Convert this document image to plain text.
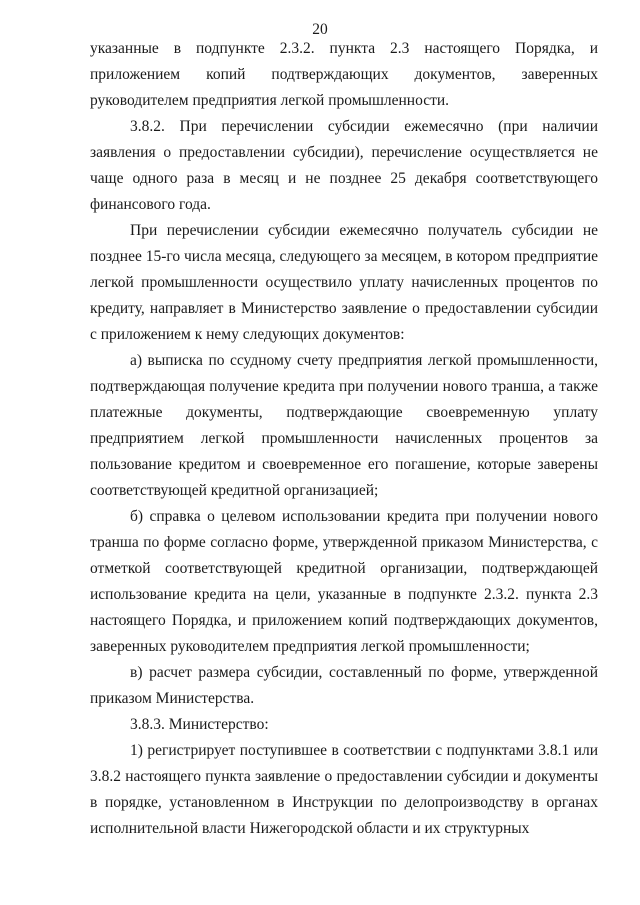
20

указанные в подпункте 2.3.2. пункта 2.3 настоящего Порядка, и приложением копий подтверждающих документов, заверенных руководителем предприятия легкой промышленности.

3.8.2. При перечислении субсидии ежемесячно (при наличии заявления о предоставлении субсидии), перечисление осуществляется не чаще одного раза в месяц и не позднее 25 декабря соответствующего финансового года.

При перечислении субсидии ежемесячно получатель субсидии не позднее 15-го числа месяца, следующего за месяцем, в котором предприятие легкой промышленности осуществило уплату начисленных процентов по кредиту, направляет в Министерство заявление о предоставлении субсидии с приложением к нему следующих документов:

а) выписка по ссудному счету предприятия легкой промышленности, подтверждающая получение кредита при получении нового транша, а также платежные документы, подтверждающие своевременную уплату предприятием легкой промышленности начисленных процентов за пользование кредитом и своевременное его погашение, которые заверены соответствующей кредитной организацией;

б) справка о целевом использовании кредита при получении нового транша по форме согласно форме, утвержденной приказом Министерства, с отметкой соответствующей кредитной организации, подтверждающей использование кредита на цели, указанные в подпункте 2.3.2. пункта 2.3 настоящего Порядка, и приложением копий подтверждающих документов, заверенных руководителем предприятия легкой промышленности;

в) расчет размера субсидии, составленный по форме, утвержденной приказом Министерства.

3.8.3. Министерство:

1) регистрирует поступившее в соответствии с подпунктами 3.8.1 или 3.8.2 настоящего пункта заявление о предоставлении субсидии и документы в порядке, установленном в Инструкции по делопроизводству в органах исполнительной власти Нижегородской области и их структурных
